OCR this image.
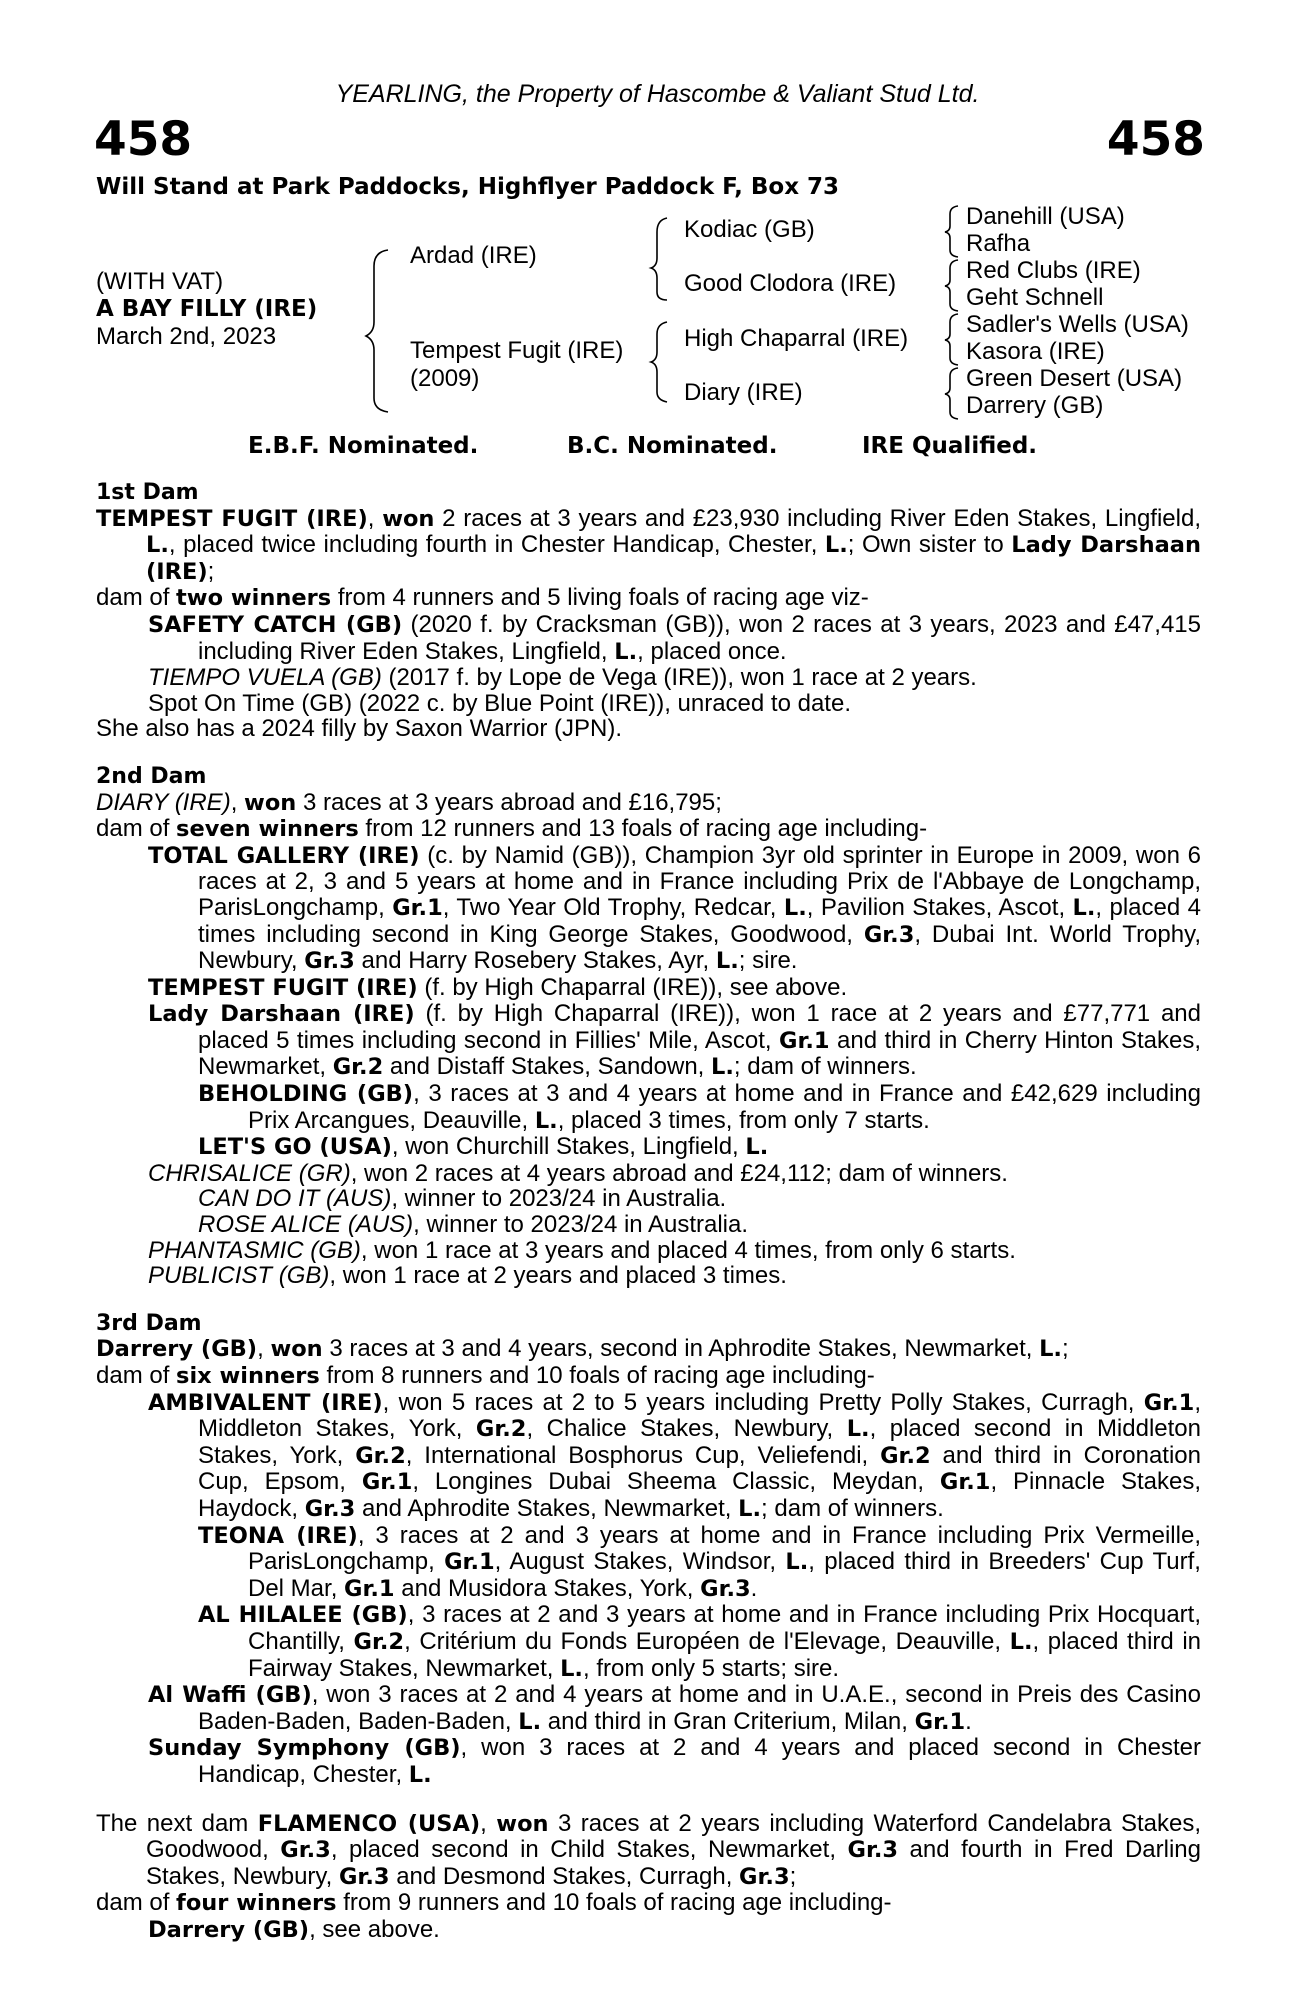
458	458
YEARLING, the Property of Hascombe & Valiant Stud Ltd.
Will Stand at Park Paddocks, Highflyer Paddock F, Box 73
(WITH VAT)
A BAY FILLY (IRE)
March 2nd, 2023
Ardad (IRE)
Tempest Fugit (IRE)
(2009)
Kodiac (GB)
Good Clodora (IRE)
High Chaparral (IRE)
Diary (IRE)
Danehill (USA)
Rafha
Red Clubs (IRE)
Geht Schnell
Sadler's Wells (USA)
Kasora (IRE)
Green Desert (USA)
Darrery (GB)
E.B.F. Nominated.	B.C. Nominated.	IRE Qualified.

1st Dam

TEMPEST FUGIT (IRE), won 2 races at 3 years and £23,930 including River Eden Stakes, Lingfield, L., placed twice including fourth in Chester Handicap, Chester, L.; Own sister to Lady Darshaan (IRE);

dam of two winners from 4 runners and 5 living foals of racing age viz-

SAFETY CATCH (GB) (2020 f. by Cracksman (GB)), won 2 races at 3 years, 2023 and £47,415 including River Eden Stakes, Lingfield, L., placed once.

TIEMPO VUELA (GB) (2017 f. by Lope de Vega (IRE)), won 1 race at 2 years.

Spot On Time (GB) (2022 c. by Blue Point (IRE)), unraced to date.

She also has a 2024 filly by Saxon Warrior (JPN).

2nd Dam

DIARY (IRE), won 3 races at 3 years abroad and £16,795;

dam of seven winners from 12 runners and 13 foals of racing age including-

TOTAL GALLERY (IRE) (c. by Namid (GB)), Champion 3yr old sprinter in Europe in 2009, won 6 races at 2, 3 and 5 years at home and in France including Prix de l'Abbaye de Longchamp, ParisLongchamp, Gr.1, Two Year Old Trophy, Redcar, L., Pavilion Stakes, Ascot, L., placed 4 times including second in King George Stakes, Goodwood, Gr.3, Dubai Int. World Trophy, Newbury, Gr.3 and Harry Rosebery Stakes, Ayr, L.; sire.

TEMPEST FUGIT (IRE) (f. by High Chaparral (IRE)), see above.

Lady Darshaan (IRE) (f. by High Chaparral (IRE)), won 1 race at 2 years and £77,771 and placed 5 times including second in Fillies' Mile, Ascot, Gr.1 and third in Cherry Hinton Stakes, Newmarket, Gr.2 and Distaff Stakes, Sandown, L.; dam of winners.

BEHOLDING (GB), 3 races at 3 and 4 years at home and in France and £42,629 including Prix Arcangues, Deauville, L., placed 3 times, from only 7 starts.

LET'S GO (USA), won Churchill Stakes, Lingfield, L.

CHRISALICE (GR), won 2 races at 4 years abroad and £24,112; dam of winners.

CAN DO IT (AUS), winner to 2023/24 in Australia.

ROSE ALICE (AUS), winner to 2023/24 in Australia.

PHANTASMIC (GB), won 1 race at 3 years and placed 4 times, from only 6 starts.

PUBLICIST (GB), won 1 race at 2 years and placed 3 times.

3rd Dam

Darrery (GB), won 3 races at 3 and 4 years, second in Aphrodite Stakes, Newmarket, L.;

dam of six winners from 8 runners and 10 foals of racing age including-

AMBIVALENT (IRE), won 5 races at 2 to 5 years including Pretty Polly Stakes, Curragh, Gr.1, Middleton Stakes, York, Gr.2, Chalice Stakes, Newbury, L., placed second in Middleton Stakes, York, Gr.2, International Bosphorus Cup, Veliefendi, Gr.2 and third in Coronation Cup, Epsom, Gr.1, Longines Dubai Sheema Classic, Meydan, Gr.1, Pinnacle Stakes, Haydock, Gr.3 and Aphrodite Stakes, Newmarket, L.; dam of winners.

TEONA (IRE), 3 races at 2 and 3 years at home and in France including Prix Vermeille, ParisLongchamp, Gr.1, August Stakes, Windsor, L., placed third in Breeders' Cup Turf, Del Mar, Gr.1 and Musidora Stakes, York, Gr.3.

AL HILALEE (GB), 3 races at 2 and 3 years at home and in France including Prix Hocquart, Chantilly, Gr.2, Critérium du Fonds Européen de l'Elevage, Deauville, L., placed third in Fairway Stakes, Newmarket, L., from only 5 starts; sire.

Al Waffi (GB), won 3 races at 2 and 4 years at home and in U.A.E., second in Preis des Casino Baden-Baden, Baden-Baden, L. and third in Gran Criterium, Milan, Gr.1.

Sunday Symphony (GB), won 3 races at 2 and 4 years and placed second in Chester Handicap, Chester, L.

The next dam FLAMENCO (USA), won 3 races at 2 years including Waterford Candelabra Stakes, Goodwood, Gr.3, placed second in Child Stakes, Newmarket, Gr.3 and fourth in Fred Darling Stakes, Newbury, Gr.3 and Desmond Stakes, Curragh, Gr.3;

dam of four winners from 9 runners and 10 foals of racing age including-

Darrery (GB), see above.
